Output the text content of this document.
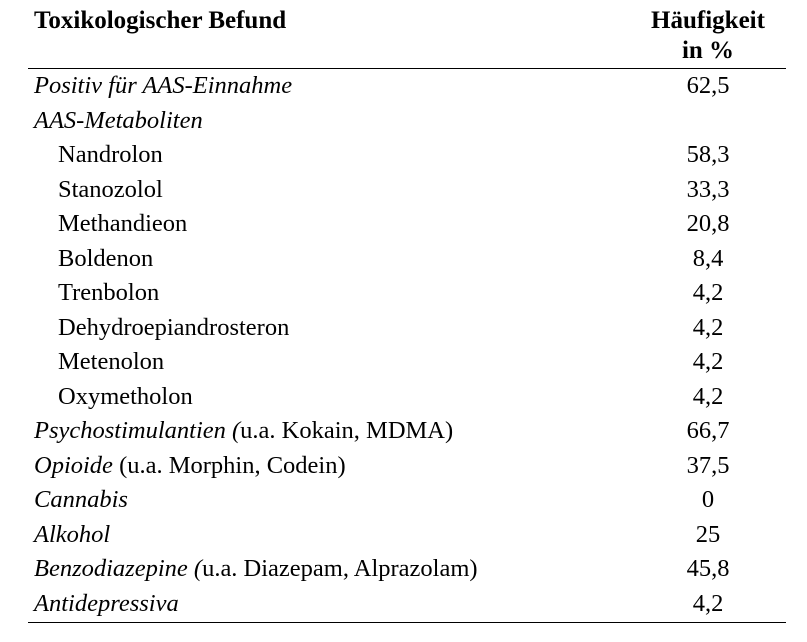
Toxikologischer Befund	Häufigkeit
in %
Positiv für AAS-Einnahme	62,5
AAS-Metaboliten
Nandrolon	58,3
Stanozolol	33,3
Methandieon	20,8
Boldenon	8,4
Trenbolon	4,2
Dehydroepiandrosteron	4,2
Metenolon	4,2
Oxymetholon	4,2
Psychostimulantien (u.a. Kokain, MDMA)	66,7
Opioide (u.a. Morphin, Codein)	37,5
Cannabis	0
Alkohol	25
Benzodiazepine (u.a. Diazepam, Alprazolam)	45,8
Antidepressiva	4,2
